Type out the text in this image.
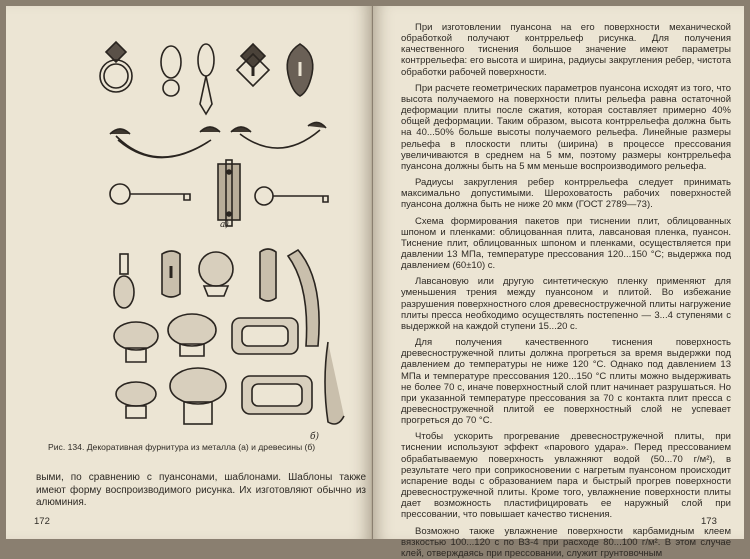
а)
б)
Рис. 134. Декоративная фурнитура из металла (а) и древесины (б)
выми, по сравнению с пуансонами, шаблонами. Шаблоны также имеют форму воспроизводимого рисунка. Их изготовляют обычно из алюминия.
172

При изготовлении пуансона на его поверхности механической обработкой получают контррельеф рисунка. Для получения качественного тиснения большое значение имеют параметры контррельефа: его высота и ширина, радиусы закругления ребер, чистота обработки рабочей поверхности.

При расчете геометрических параметров пуансона исходят из того, что высота получаемого на поверхности плиты рельефа равна остаточной деформации плиты после сжатия, которая составляет примерно 40% общей деформации. Таким образом, высота контррельефа должна быть на 40...50% больше высоты получаемого рельефа. Линейные размеры рельефа в плоскости плиты (ширина) в процессе прессования увеличиваются в среднем на 5 мм, поэтому размеры контррельефа пуансона должны быть на 5 мм меньше воспроизводимого рельефа.

Радиусы закругления ребер контррельефа следует принимать максимально допустимыми. Шероховатость рабочих поверхностей пуансона должна быть не ниже 20 мкм (ГОСТ 2789—73).

Схема формирования пакетов при тиснении плит, облицованных шпоном и пленками: облицованная плита, лавсановая пленка, пуансон. Тиснение плит, облицованных шпоном и пленками, осуществляется при давлении 13 МПа, температуре прессования 120...150 °С; выдержка под давлением (60±10) с.

Лавсановую или другую синтетическую пленку применяют для уменьшения трения между пуансоном и плитой. Во избежание разрушения поверхностного слоя древесностружечной плиты нагружение плиты пресса необходимо осуществлять постепенно — 3...4 ступенями с выдержкой на каждой ступени 15...20 с.

Для получения качественного тиснения поверхность древесностружечной плиты должна прогреться за время выдержки под давлением до температуры не ниже 120 °С. Однако под давлением 13 МПа и температуре прессования 120...150 °С плиты можно выдерживать не более 70 с, иначе поверхностный слой плит начинает разрушаться. Но при указанной температуре прессования за 70 с контакта плит пресса с древесностружечной плитой ее поверхностный слой не успевает прогреться до 70 °С.

Чтобы ускорить прогревание древесностружечной плиты, при тиснении используют эффект «парового удара». Перед прессованием обрабатываемую поверхность увлажняют водой (50...70 г/м²), в результате чего при соприкосновении с нагретым пуансоном происходит испарение воды с образованием пара и быстрый прогрев поверхности древесностружечной плиты. Кроме того, увлажнение поверхности плиты дает возможность пластифицировать ее наружный слой при прессовании, что повышает качество тиснения.

Возможно также увлажнение поверхности карбамидным клеем вязкостью 100...120 с по ВЗ-4 при расходе 80...100 г/м². В этом случае клей, отверждаясь при прессовании, служит грунтовочным

173
